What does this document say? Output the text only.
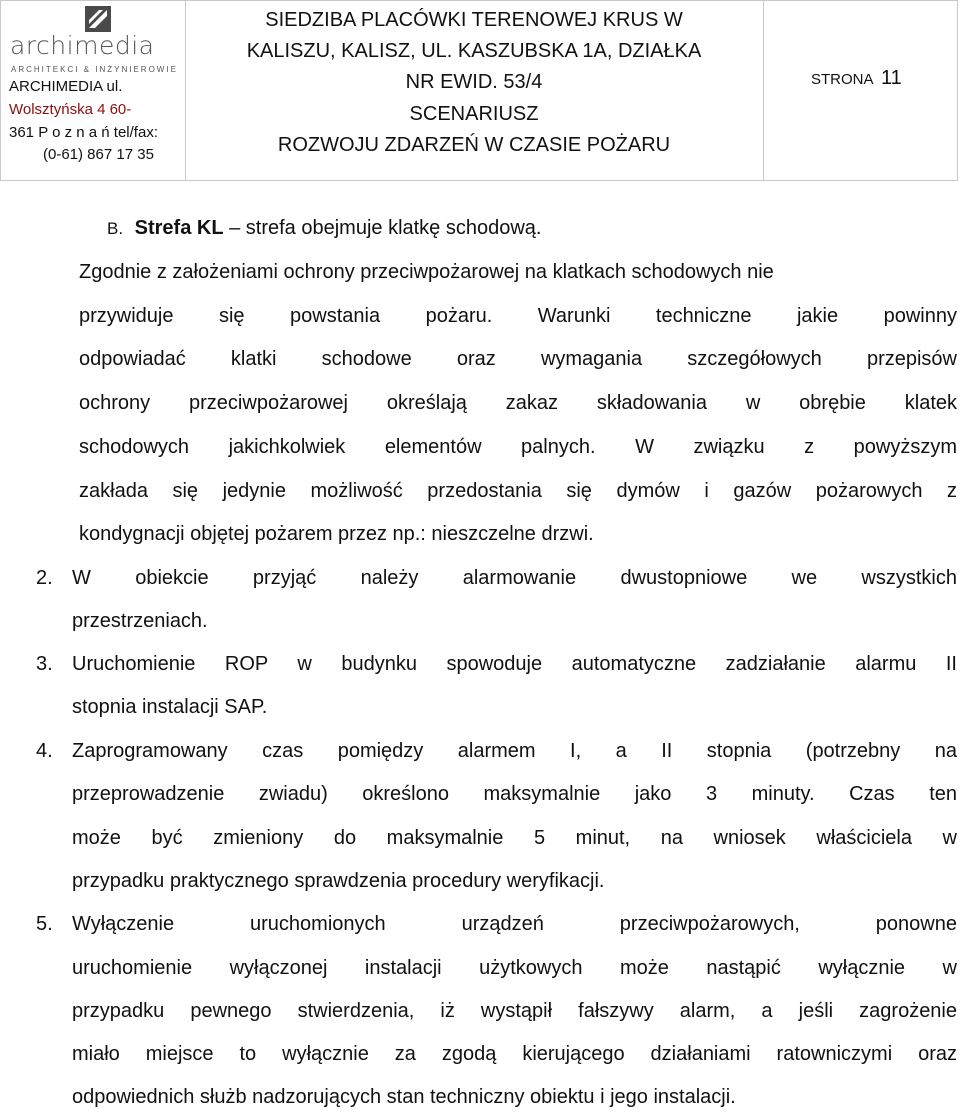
archimedia
ARCHITEKCI & INŻYNIEROWIE
ARCHIMEDIA ul.
Wolsztyńska 4 60-
361 P o z n a ń tel/fax:
(0-61) 867 17 35
SIEDZIBA PLACÓWKI TERENOWEJ KRUS W
KALISZU, KALISZ, UL. KASZUBSKA 1A, DZIAŁKA
NR EWID. 53/4
SCENARIUSZ
ROZWOJU ZDARZEŃ W CZASIE POŻARU
STRONA 11
B. Strefa KL – strefa obejmuje klatkę schodową.
Zgodnie z założeniami ochrony przeciwpożarowej na klatkach schodowych nie
przywiduje się powstania pożaru. Warunki techniczne jakie powinny
odpowiadać klatki schodowe oraz wymagania szczegółowych przepisów
ochrony przeciwpożarowej określają zakaz składowania w obrębie klatek
schodowych jakichkolwiek elementów palnych. W związku z powyższym
zakłada się jedynie możliwość przedostania się dymów i gazów pożarowych z
kondygnacji objętej pożarem przez np.: nieszczelne drzwi.
2. W obiekcie przyjąć należy alarmowanie dwustopniowe we wszystkich
przestrzeniach.
3. Uruchomienie ROP w budynku spowoduje automatyczne zadziałanie alarmu II
stopnia instalacji SAP.
4. Zaprogramowany czas pomiędzy alarmem I, a II stopnia (potrzebny na
przeprowadzenie zwiadu) określono maksymalnie jako 3 minuty. Czas ten
może być zmieniony do maksymalnie 5 minut, na wniosek właściciela w
przypadku praktycznego sprawdzenia procedury weryfikacji.
5. Wyłączenie uruchomionych urządzeń przeciwpożarowych, ponowne
uruchomienie wyłączonej instalacji użytkowych może nastąpić wyłącznie w
przypadku pewnego stwierdzenia, iż wystąpił fałszywy alarm, a jeśli zagrożenie
miało miejsce to wyłącznie za zgodą kierującego działaniami ratowniczymi oraz
odpowiednich służb nadzorujących stan techniczny obiektu i jego instalacji.
